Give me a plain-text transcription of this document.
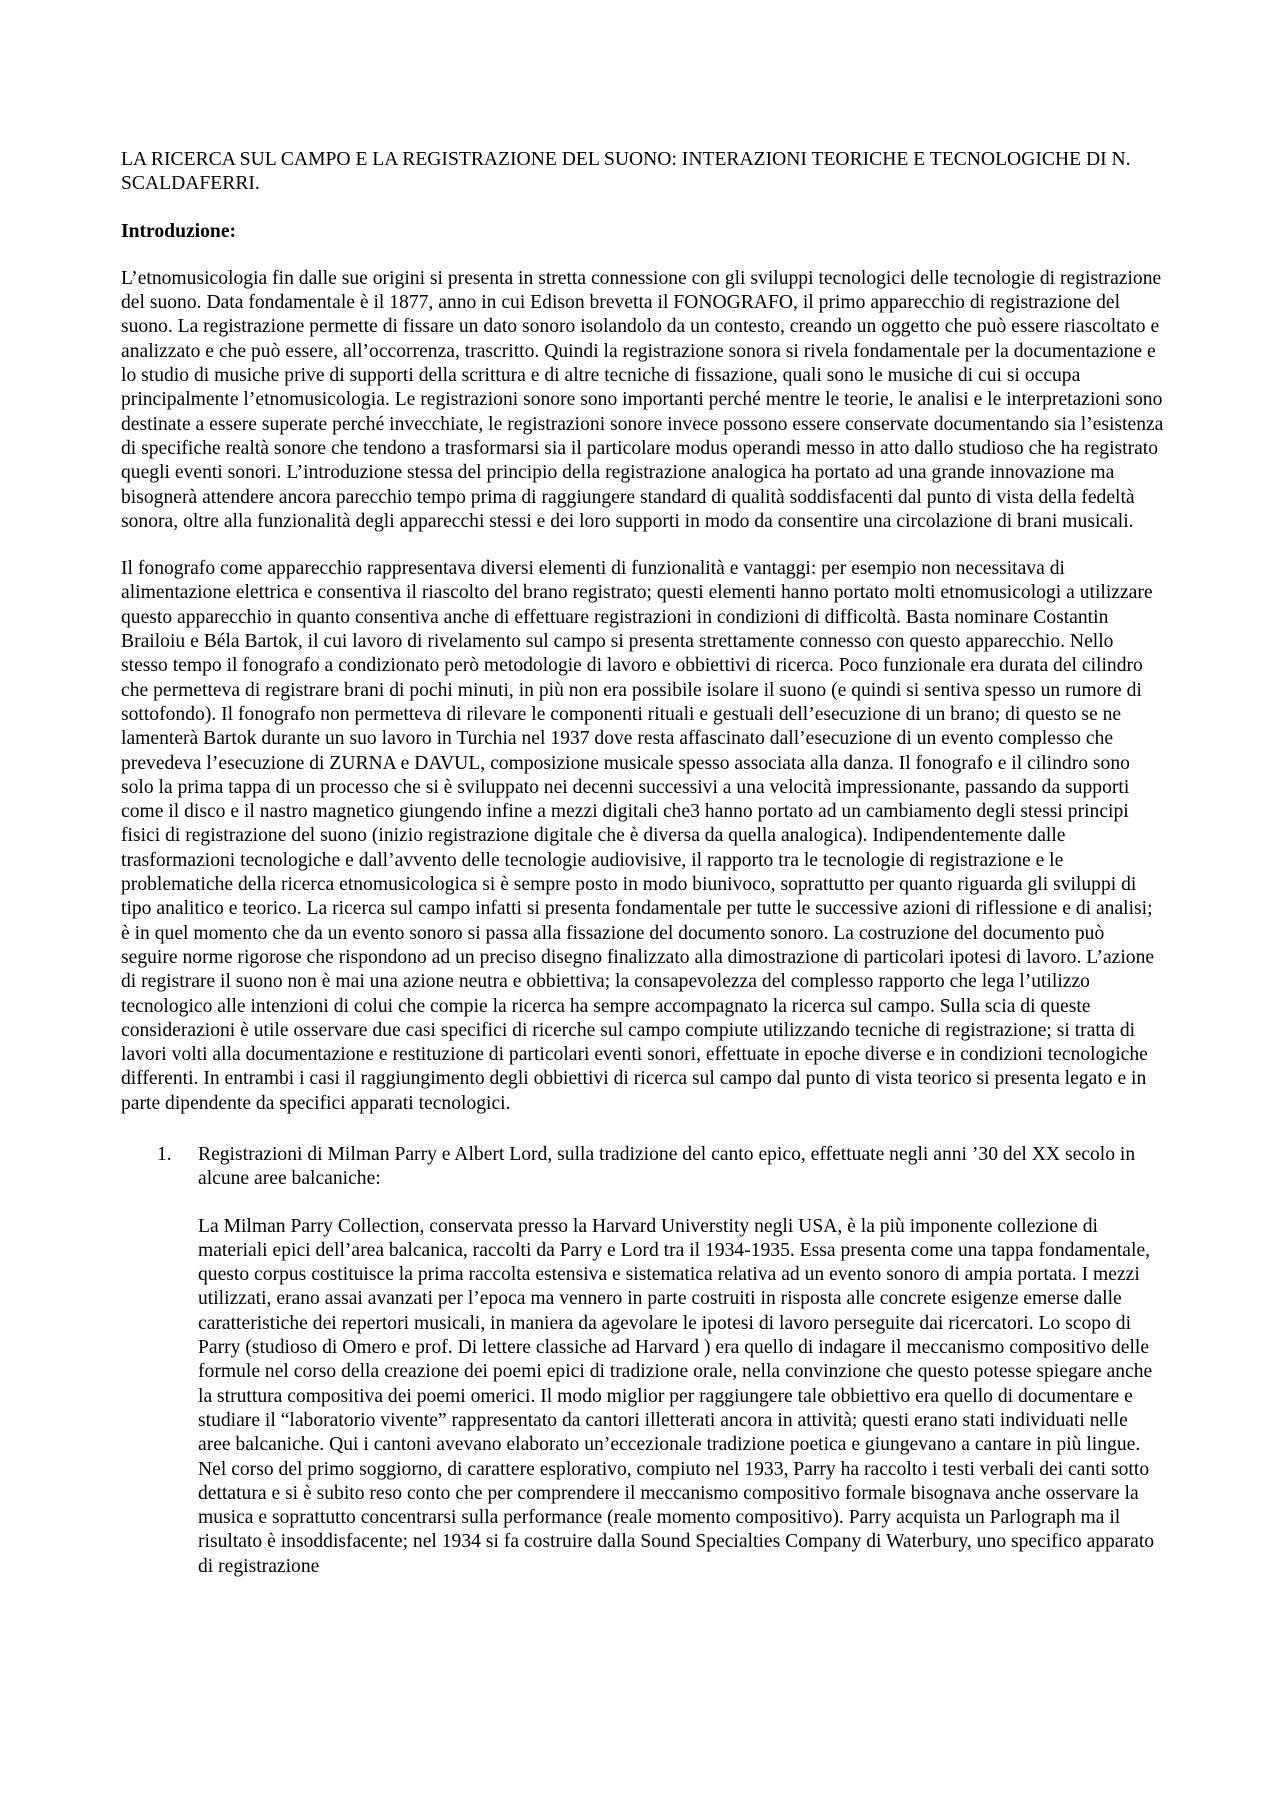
LA RICERCA SUL CAMPO E LA REGISTRAZIONE DEL SUONO: INTERAZIONI TEORICHE E TECNOLOGICHE DI N. SCALDAFERRI.
Introduzione:

L’etnomusicologia fin dalle sue origini si presenta in stretta connessione con gli sviluppi tecnologici delle tecnologie di registrazione del suono. Data fondamentale è il 1877, anno in cui Edison brevetta il FONOGRAFO, il primo apparecchio di registrazione del suono. La registrazione permette di fissare un dato sonoro isolandolo da un contesto, creando un oggetto che può essere riascoltato e analizzato e che può essere, all’occorrenza, trascritto. Quindi la registrazione sonora si rivela fondamentale per la documentazione e lo studio di musiche prive di supporti della scrittura e di altre tecniche di fissazione, quali sono le musiche di cui si occupa principalmente l’etnomusicologia. Le registrazioni sonore sono importanti perché mentre le teorie, le analisi e le interpretazioni sono destinate a essere superate perché invecchiate, le registrazioni sonore invece possono essere conservate documentando sia l’esistenza di specifiche realtà sonore che tendono a trasformarsi sia il particolare modus operandi messo in atto dallo studioso che ha registrato quegli eventi sonori. L’introduzione stessa del principio della registrazione analogica ha portato ad una grande innovazione ma bisognerà attendere ancora parecchio tempo prima di raggiungere standard di qualità soddisfacenti dal punto di vista della fedeltà sonora, oltre alla funzionalità degli apparecchi stessi e dei loro supporti in modo da consentire una circolazione di brani musicali.

Il fonografo come apparecchio rappresentava diversi elementi di funzionalità e vantaggi: per esempio non necessitava di alimentazione elettrica e consentiva il riascolto del brano registrato; questi elementi hanno portato molti etnomusicologi a utilizzare questo apparecchio in quanto consentiva anche di effettuare registrazioni in condizioni di difficoltà. Basta nominare Costantin Brailoiu e Béla Bartok, il cui lavoro di rivelamento sul campo si presenta strettamente connesso con questo apparecchio. Nello stesso tempo il fonografo a condizionato però metodologie di lavoro e obbiettivi di ricerca. Poco funzionale era durata del cilindro che permetteva di registrare brani di pochi minuti, in più non era possibile isolare il suono (e quindi si sentiva spesso un rumore di sottofondo). Il fonografo non permetteva di rilevare le componenti rituali e gestuali dell’esecuzione di un brano; di questo se ne lamenterà Bartok durante un suo lavoro in Turchia nel 1937 dove resta affascinato dall’esecuzione di un evento complesso che prevedeva l’esecuzione di ZURNA e DAVUL, composizione musicale spesso associata alla danza. Il fonografo e il cilindro sono solo la prima tappa di un processo che si è sviluppato nei decenni successivi a una velocità impressionante, passando da supporti come il disco e il nastro magnetico giungendo infine a mezzi digitali che3 hanno portato ad un cambiamento degli stessi principi fisici di registrazione del suono (inizio registrazione digitale che è diversa da quella analogica). Indipendentemente dalle trasformazioni tecnologiche e dall’avvento delle tecnologie audiovisive, il rapporto tra le tecnologie di registrazione e le problematiche della ricerca etnomusicologica si è sempre posto in modo biunivoco, soprattutto per quanto riguarda gli sviluppi di tipo analitico e teorico. La ricerca sul campo infatti si presenta fondamentale per tutte le successive azioni di riflessione e di analisi; è in quel momento che da un evento sonoro si passa alla fissazione del documento sonoro. La costruzione del documento può seguire norme rigorose che rispondono ad un preciso disegno finalizzato alla dimostrazione di particolari ipotesi di lavoro. L’azione di registrare il suono non è mai una azione neutra e obbiettiva; la consapevolezza del complesso rapporto che lega l’utilizzo tecnologico alle intenzioni di colui che compie la ricerca ha sempre accompagnato la ricerca sul campo. Sulla scia di queste considerazioni è utile osservare due casi specifici di ricerche sul campo compiute utilizzando tecniche di registrazione; si tratta di lavori volti alla documentazione e restituzione di particolari eventi sonori, effettuate in epoche diverse e in condizioni tecnologiche differenti. In entrambi i casi il raggiungimento degli obbiettivi di ricerca sul campo dal punto di vista teorico si presenta legato e in parte dipendente da specifici apparati tecnologici.

1. Registrazioni di Milman Parry e Albert Lord, sulla tradizione del canto epico, effettuate negli anni ’30 del XX secolo in alcune aree balcaniche:

La Milman Parry Collection, conservata presso la Harvard Universtity negli USA, è la più imponente collezione di materiali epici dell’area balcanica, raccolti da Parry e Lord tra il 1934-1935. Essa presenta come una tappa fondamentale, questo corpus costituisce la prima raccolta estensiva e sistematica relativa ad un evento sonoro di ampia portata. I mezzi utilizzati, erano assai avanzati per l’epoca ma vennero in parte costruiti in risposta alle concrete esigenze emerse dalle caratteristiche dei repertori musicali, in maniera da agevolare le ipotesi di lavoro perseguite dai ricercatori. Lo scopo di Parry (studioso di Omero e prof. Di lettere classiche ad Harvard ) era quello di indagare il meccanismo compositivo delle formule nel corso della creazione dei poemi epici di tradizione orale, nella convinzione che questo potesse spiegare anche la struttura compositiva dei poemi omerici. Il modo miglior per raggiungere tale obbiettivo era quello di documentare e studiare il “laboratorio vivente” rappresentato da cantori illetterati ancora in attività; questi erano stati individuati nelle aree balcaniche. Qui i cantoni avevano elaborato un’eccezionale tradizione poetica e giungevano a cantare in più lingue. Nel corso del primo soggiorno, di carattere esplorativo, compiuto nel 1933, Parry ha raccolto i testi verbali dei canti sotto dettatura e si è subito reso conto che per comprendere il meccanismo compositivo formale bisognava anche osservare la musica e soprattutto concentrarsi sulla performance (reale momento compositivo). Parry acquista un Parlograph ma il risultato è insoddisfacente; nel 1934 si fa costruire dalla Sound Specialties Company di Waterbury, uno specifico apparato di registrazione
